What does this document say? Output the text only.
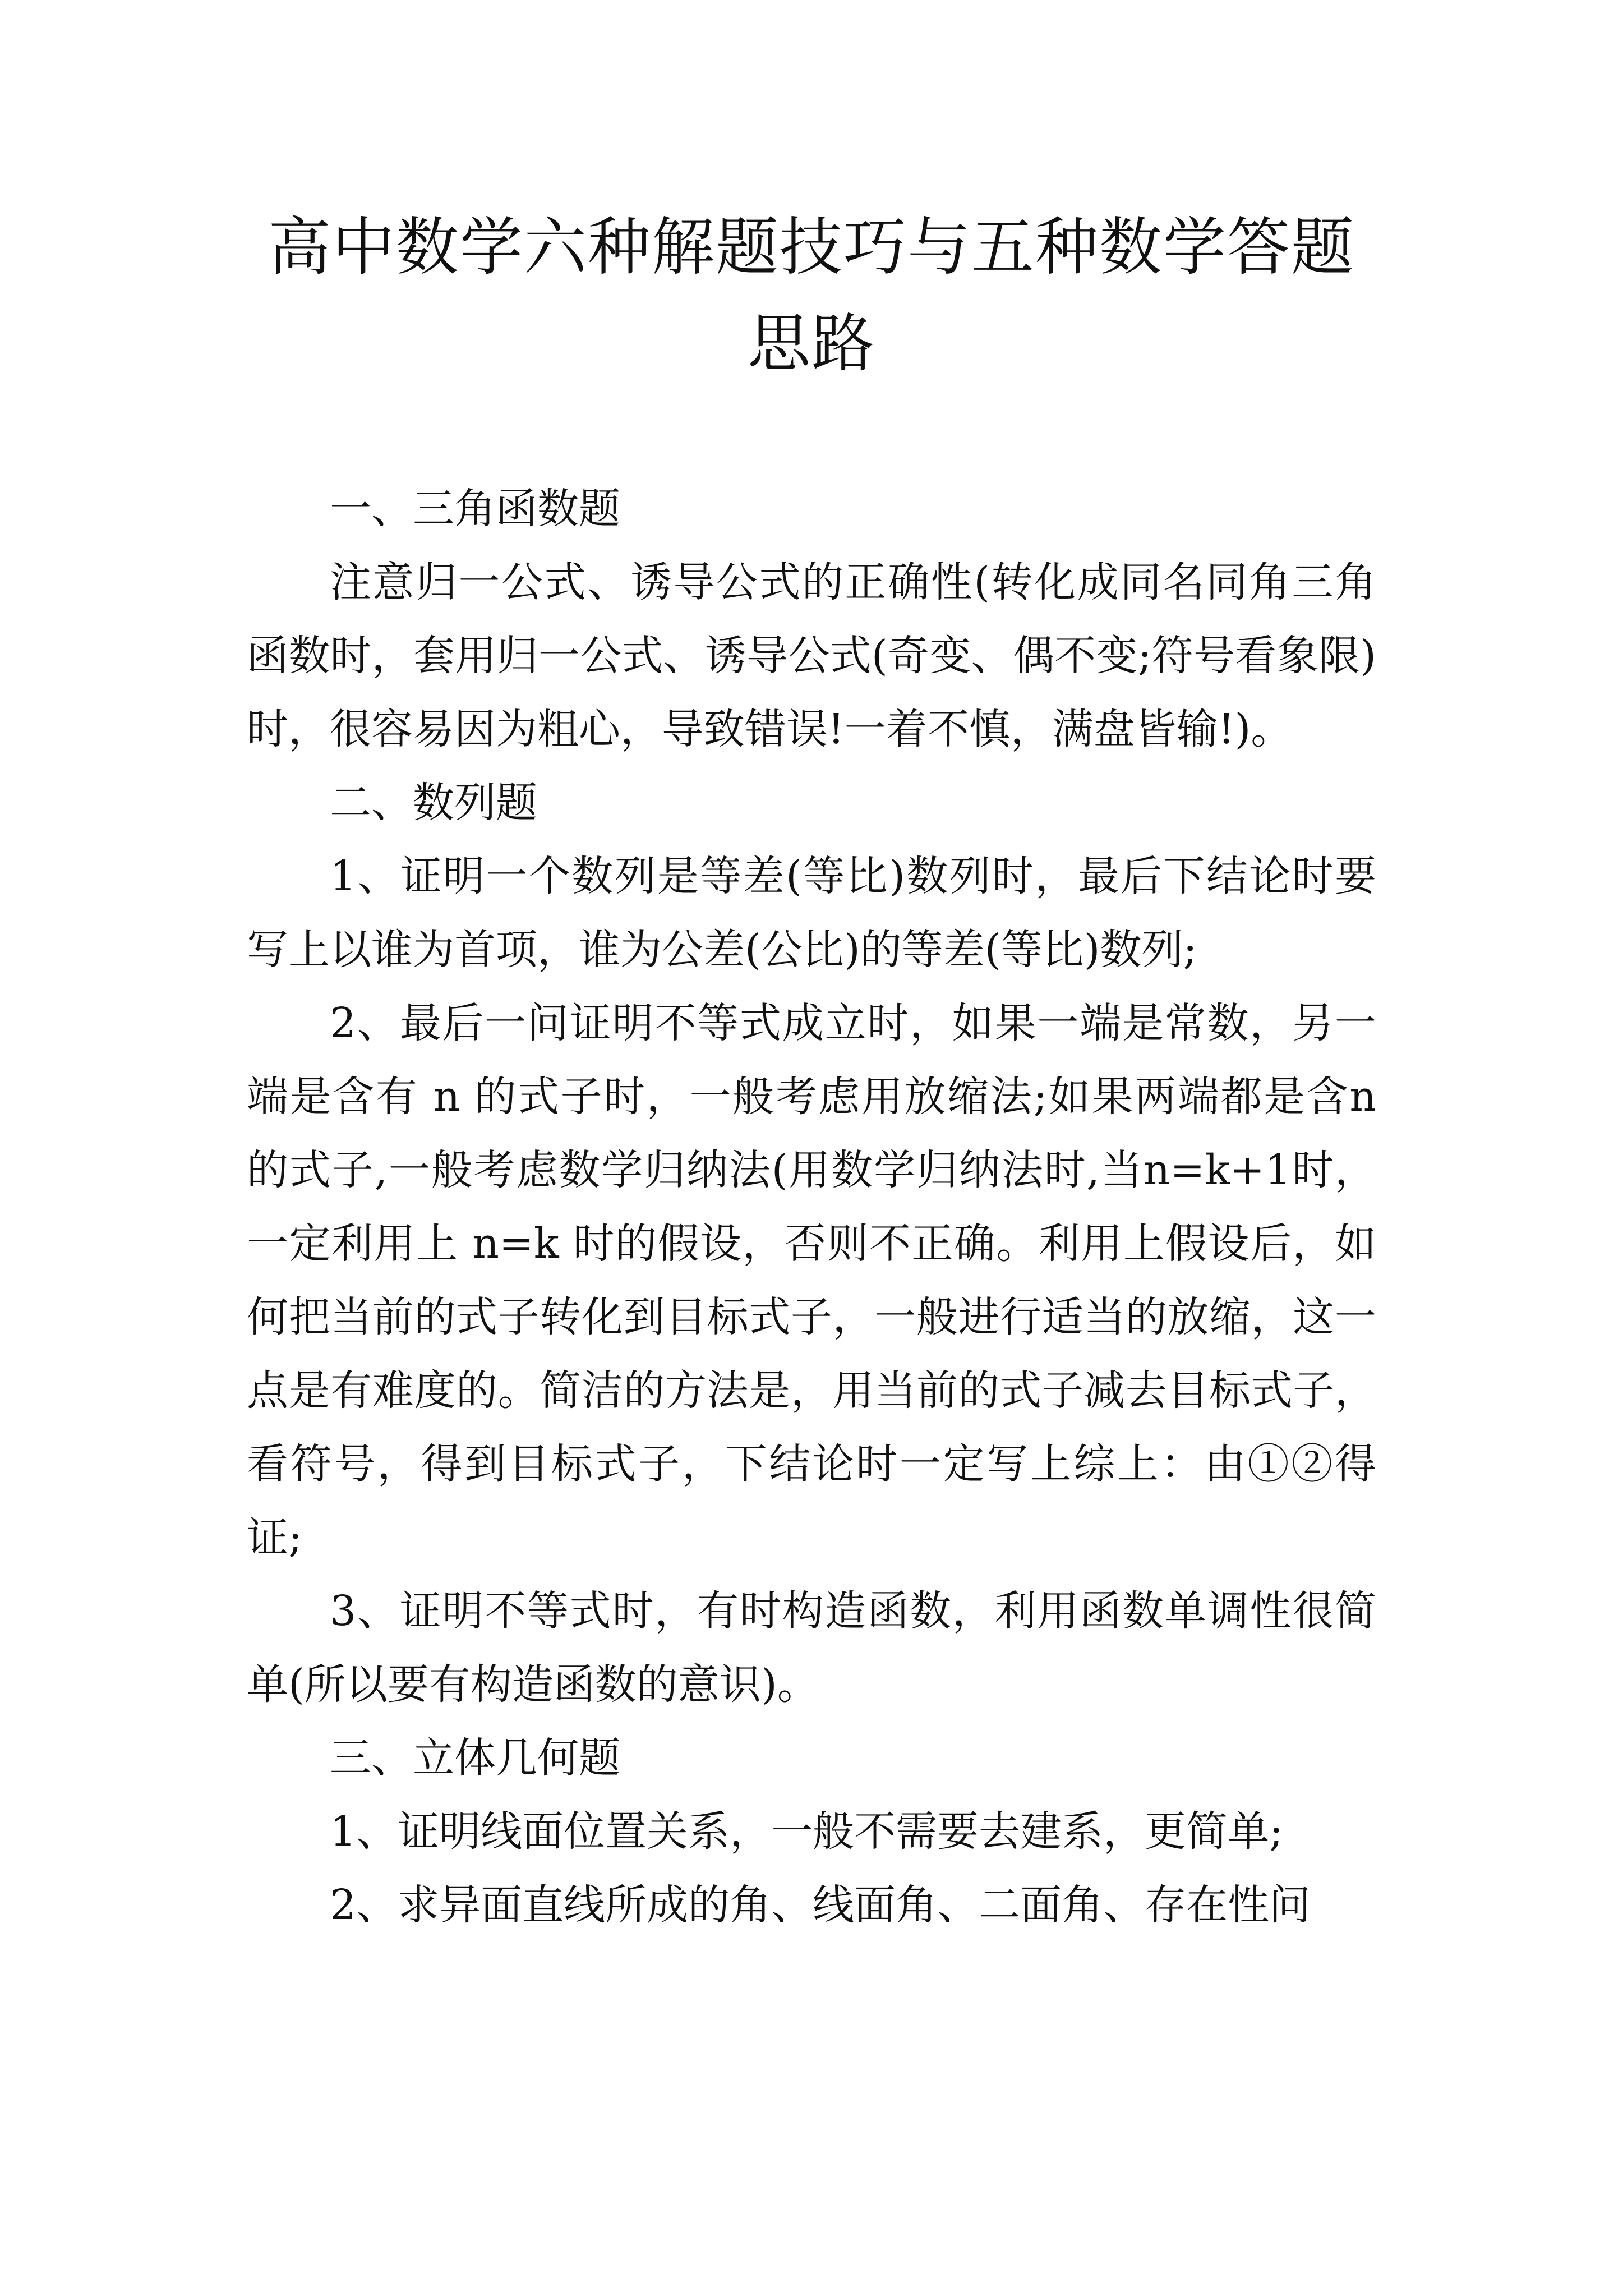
高中数学六种解题技巧与五种数学答题思路

一、三角函数题

注意归一公式、诱导公式的正确性(转化成同名同角三角函数时，套用归一公式、诱导公式(奇变、偶不变;符号看象限)时，很容易因为粗心，导致错误!一着不慎，满盘皆输!)。

二、数列题

1、证明一个数列是等差(等比)数列时，最后下结论时要写上以谁为首项，谁为公差(公比)的等差(等比)数列;

2、最后一问证明不等式成立时，如果一端是常数，另一端是含有 n 的式子时，一般考虑用放缩法;如果两端都是含n的式子,一般考虑数学归纳法(用数学归纳法时,当n=k+1时，一定利用上 n=k 时的假设，否则不正确。利用上假设后，如何把当前的式子转化到目标式子，一般进行适当的放缩，这一点是有难度的。简洁的方法是，用当前的式子减去目标式子，看符号，得到目标式子，下结论时一定写上综上：由①②得证;

3、证明不等式时，有时构造函数，利用函数单调性很简单(所以要有构造函数的意识)。

三、立体几何题

1、证明线面位置关系，一般不需要去建系，更简单;

2、求异面直线所成的角、线面角、二面角、存在性问
